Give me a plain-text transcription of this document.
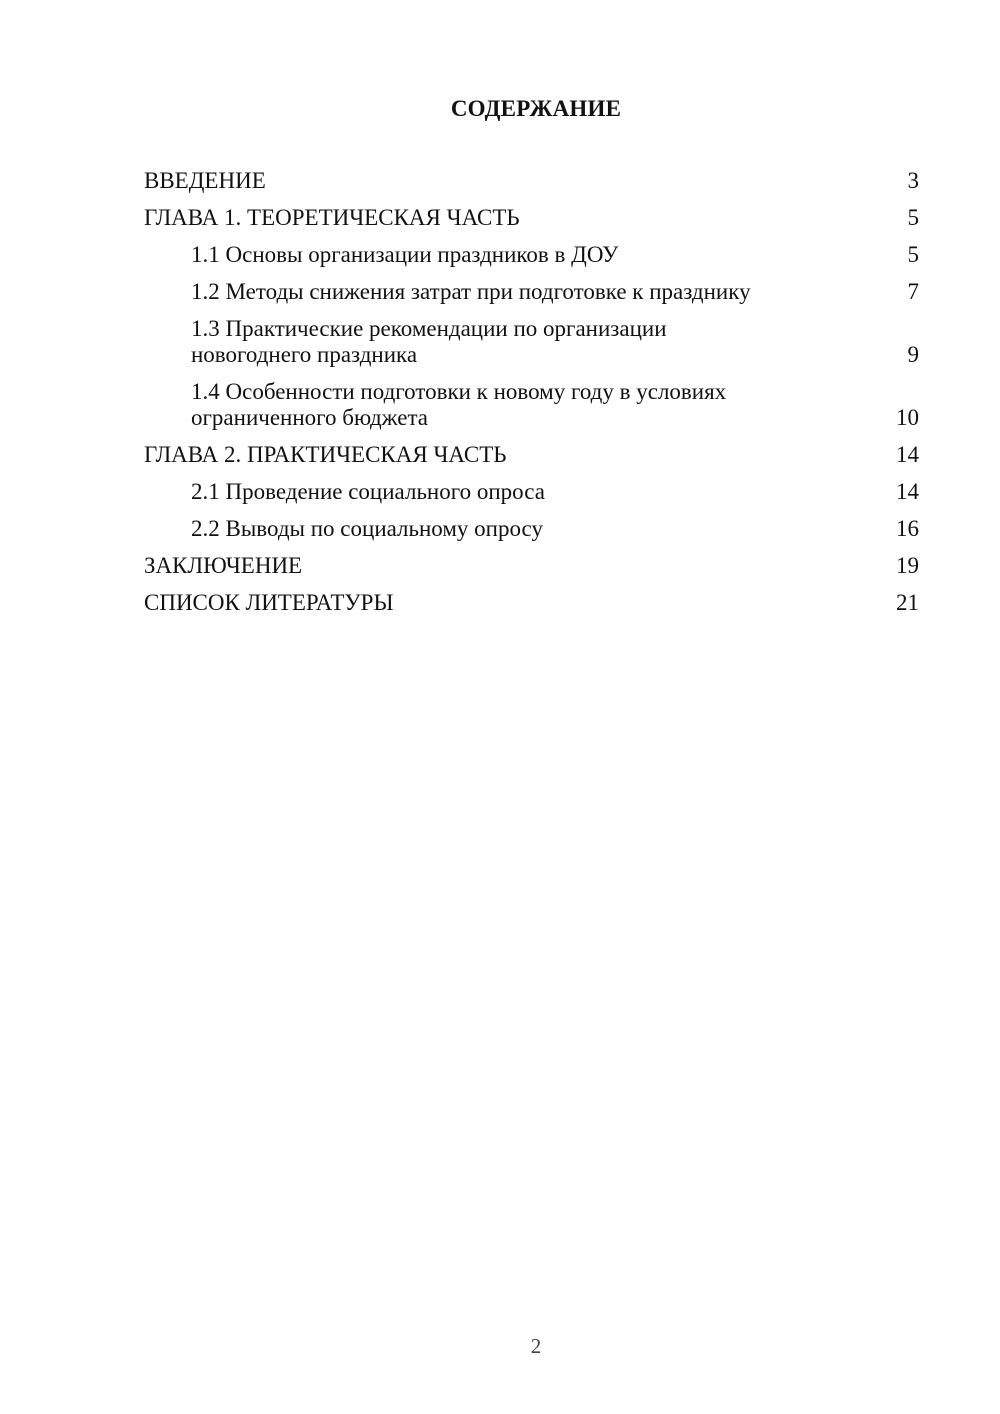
СОДЕРЖАНИЕ
ВВЕДЕНИЕ	3
ГЛАВА 1. ТЕОРЕТИЧЕСКАЯ ЧАСТЬ	5
1.1 Основы организации праздников в ДОУ	5
1.2 Методы снижения затрат при подготовке к празднику	7
1.3 Практические рекомендации по организации новогоднего праздника	9
1.4 Особенности подготовки к новому году в условиях ограниченного бюджета	10
ГЛАВА 2. ПРАКТИЧЕСКАЯ ЧАСТЬ	14
2.1 Проведение социального опроса	14
2.2 Выводы по социальному опросу	16
ЗАКЛЮЧЕНИЕ	19
СПИСОК ЛИТЕРАТУРЫ	21
2
